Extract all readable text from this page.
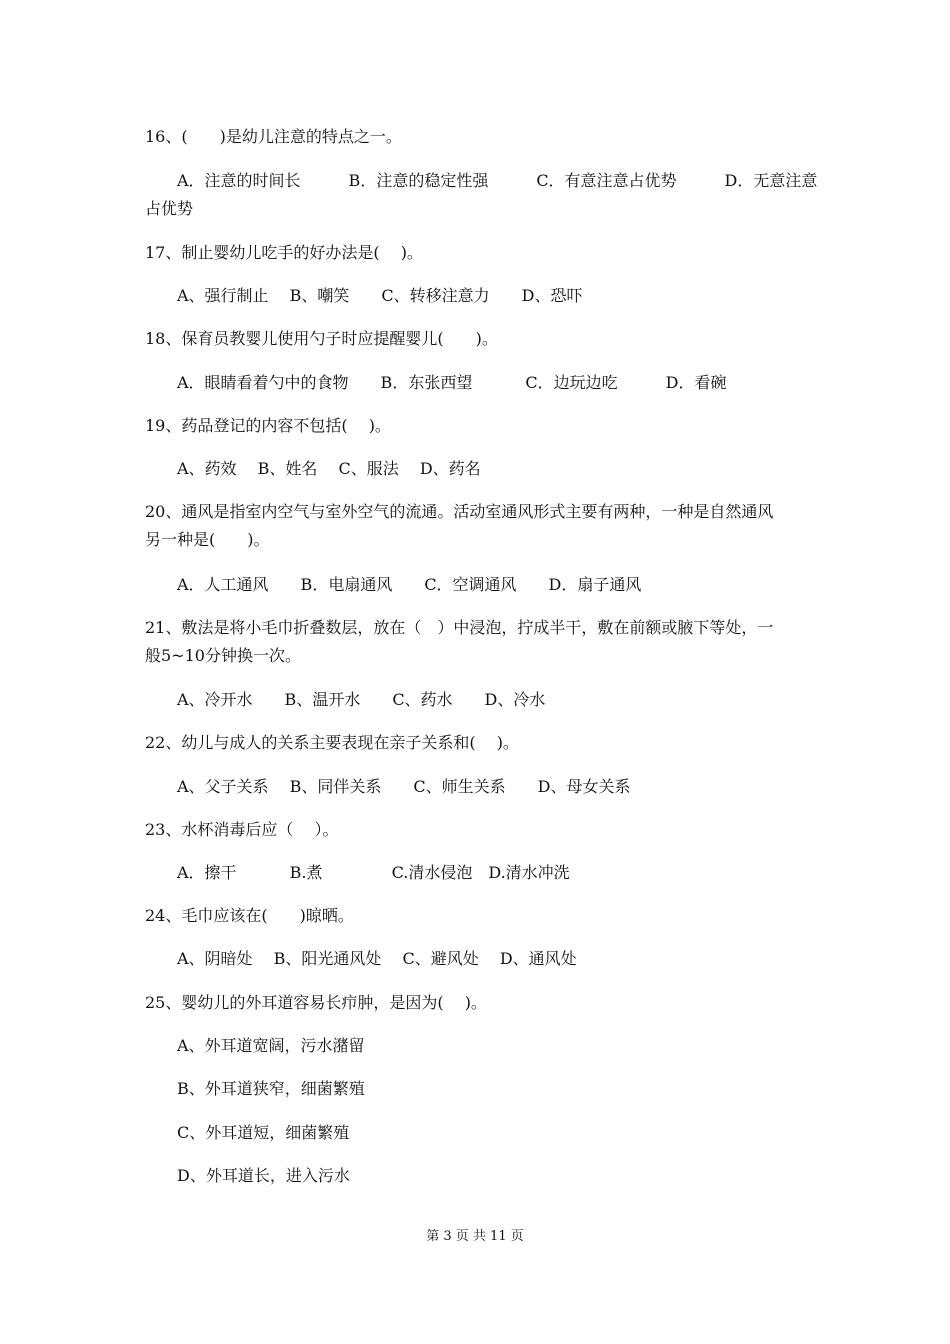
16、(　　)是幼儿注意的特点之一。
A．注意的时间长　　　B．注意的稳定性强　　　C．有意注意占优势　　　D．无意注意
占优势
17、制止婴幼儿吃手的好办法是(　 )。
A、强行制止　 B、嘲笑　　C、转移注意力　　D、恐吓
18、保育员教婴儿使用勺子时应提醒婴儿(　　)。
A．眼睛看着勺中的食物　　B．东张西望　　　 C．边玩边吃　　　D．看碗
19、药品登记的内容不包括(　 )。
A、药效　 B、姓名　 C、服法　 D、药名
20、通风是指室内空气与室外空气的流通。活动室通风形式主要有两种，一种是自然通风
另一种是(　　)。
A．人工通风　　B．电扇通风　　C．空调通风　　D．扇子通风
21、敷法是将小毛巾折叠数层，放在（　）中浸泡，拧成半干，敷在前额或腋下等处，一
般5~10分钟换一次。
A、冷开水　　B、温开水　　C、药水　　D、冷水
22、幼儿与成人的关系主要表现在亲子关系和(　 )。
A、父子关系　 B、同伴关系　　C、师生关系　　D、母女关系
23、水杯消毒后应（　 ）。
A．擦干　　　 B.煮　　　　 C.清水侵泡　D.清水冲洗
24、毛巾应该在(　　)晾晒。
A、阴暗处　 B、阳光通风处　 C、避风处　 D、通风处
25、婴幼儿的外耳道容易长疖肿，是因为(　 )。
A、外耳道宽阔，污水潴留
B、外耳道狭窄，细菌繁殖
C、外耳道短，细菌繁殖
D、外耳道长，进入污水
第 3 页 共 11 页
